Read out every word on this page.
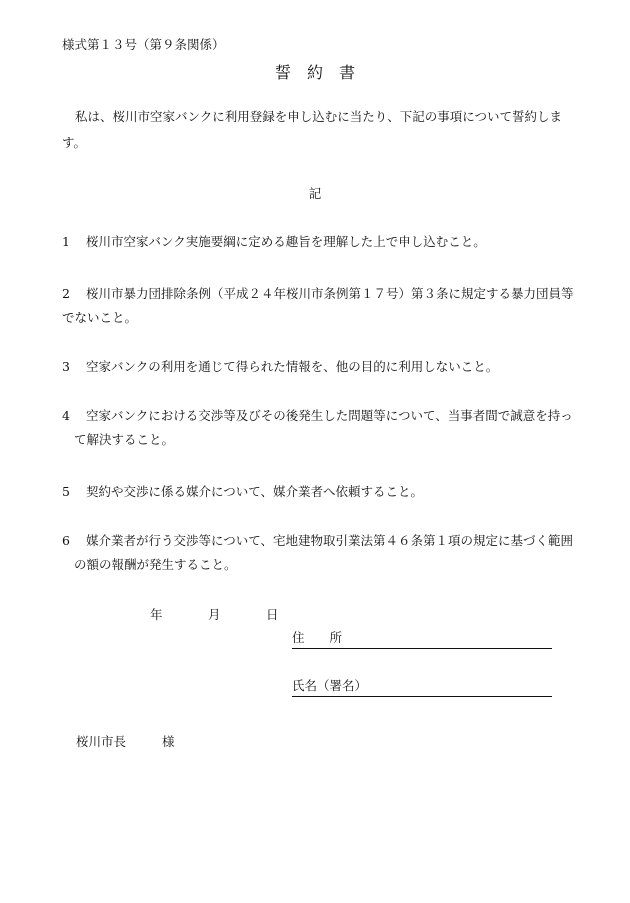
様式第１３号（第９条関係）
誓　約　書
私は、桜川市空家バンクに利用登録を申し込むに当たり、下記の事項について誓約します。
記
1	桜川市空家バンク実施要綱に定める趣旨を理解した上で申し込むこと。
2	桜川市暴力団排除条例（平成２４年桜川市条例第１７号）第３条に規定する暴力団員等でないこと。
3	空家バンクの利用を通じて得られた情報を、他の目的に利用しないこと。
4	空家バンクにおける交渉等及びその後発生した問題等について、当事者間で誠意を持って解決すること。
5	契約や交渉に係る媒介について、媒介業者へ依頼すること。
6	媒介業者が行う交渉等について、宅地建物取引業法第４６条第１項の規定に基づく範囲の額の報酬が発生すること。
年	月	日
住　　所
氏名（署名）
桜川市長	様
